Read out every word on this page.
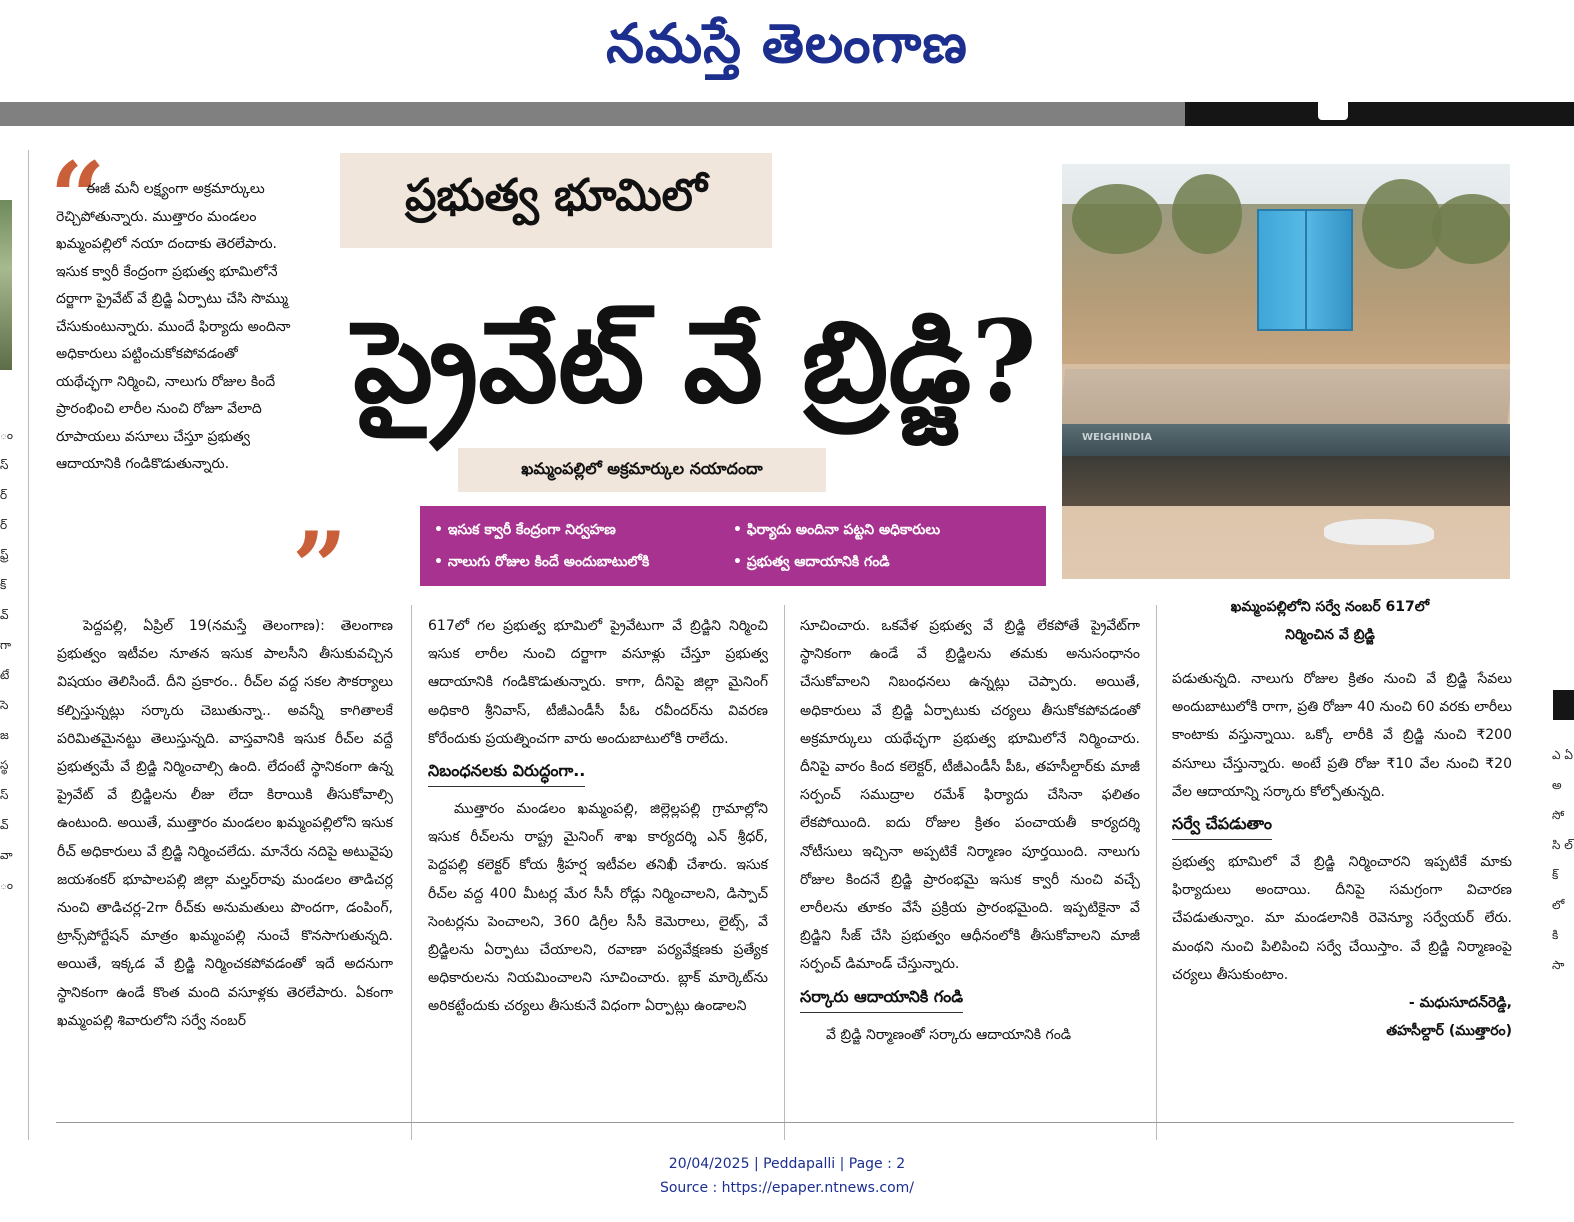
నమస్తే తెలంగాణ
ం స్ ర్ ర్ ఫ్ర్ క్ వ్ గా టే సె జ స్థ స్ వ్ వా ం
ఎ ఏ అ సో సి ల్ క్ లో కి సా
“
ఈజీ మనీ లక్ష్యంగా అక్రమార్కులు రెచ్చిపోతున్నారు. ముత్తారం మండలం ఖమ్మంపల్లిలో నయా దందాకు తెరలేపారు. ఇసుక క్వారీ కేంద్రంగా ప్రభుత్వ భూమిలోనే దర్జాగా ప్రైవేట్ వే బ్రిడ్జి ఏర్పాటు చేసి సొమ్ము చేసుకుంటున్నారు. ముందే ఫిర్యాదు అందినా అధికారులు పట్టించుకోకపోవడంతో యథేచ్ఛగా నిర్మించి, నాలుగు రోజుల కిందే ప్రారంభించి లారీల నుంచి రోజూ వేలాది రూపాయలు వసూలు చేస్తూ ప్రభుత్వ ఆదాయానికి గండికొడుతున్నారు.
”
ప్రభుత్వ భూమిలో
ప్రైవేట్ వే బ్రిడ్జి?
ఖమ్మంపల్లిలో అక్రమార్కుల నయాదందా
• ఇసుక క్వారీ కేంద్రంగా నిర్వహణ	• ఫిర్యాదు అందినా పట్టని అధికారులు
• నాలుగు రోజుల కిందే అందుబాటులోకి	• ప్రభుత్వ ఆదాయానికి గండి
WEIGHINDIA
ఖమ్మంపల్లిలోని సర్వే నంబర్ 617లో
నిర్మించిన వే బ్రిడ్జి

పెద్దపల్లి, ఏప్రిల్ 19(నమస్తే తెలంగాణ): తెలంగాణ ప్రభుత్వం ఇటీవల నూతన ఇసుక పాలసీని తీసుకువచ్చిన విషయం తెలిసిందే. దీని ప్రకారం.. రీచ్‌ల వద్ద సకల సౌకర్యాలు కల్పిస్తున్నట్లు సర్కారు చెబుతున్నా.. అవన్నీ కాగితాలకే పరిమితమైనట్టు తెలుస్తున్నది. వాస్తవానికి ఇసుక రీచ్‌ల వద్దే ప్రభుత్వమే వే బ్రిడ్జి నిర్మించాల్సి ఉంది. లేదంటే స్థానికంగా ఉన్న ప్రైవేట్ వే బ్రిడ్జిలను లీజు లేదా కిరాయికి తీసుకోవాల్సి ఉంటుంది. అయితే, ముత్తారం మండలం ఖమ్మంపల్లిలోని ఇసుక రీచ్ అధికారులు వే బ్రిడ్జి నిర్మించలేదు. మానేరు నదిపై అటువైపు జయశంకర్ భూపాలపల్లి జిల్లా మల్హర్‌రావు మండలం తాడిచర్ల నుంచి తాడిచర్ల-2గా రీచ్‌కు అనుమతులు పొందగా, డంపింగ్, ట్రాన్స్‌పోర్టేషన్ మాత్రం ఖమ్మంపల్లి నుంచే కొనసాగుతున్నది. అయితే, ఇక్కడ వే బ్రిడ్జి నిర్మించకపోవడంతో ఇదే అదనుగా స్థానికంగా ఉండే కొంత మంది వసూళ్లకు తెరలేపారు. ఏకంగా ఖమ్మంపల్లి శివారులోని సర్వే నంబర్

617లో గల ప్రభుత్వ భూమిలో ప్రైవేటుగా వే బ్రిడ్జిని నిర్మించి ఇసుక లారీల నుంచి దర్జాగా వసూళ్లు చేస్తూ ప్రభుత్వ ఆదాయానికి గండికొడుతున్నారు. కాగా, దీనిపై జిల్లా మైనింగ్ అధికారి శ్రీనివాస్, టీజీఎండీసీ పీఓ రవీందర్‌ను వివరణ కోరేందుకు ప్రయత్నించగా వారు అందుబాటులోకి రాలేదు.

నిబంధనలకు విరుద్ధంగా..

ముత్తారం మండలం ఖమ్మంపల్లి, జిల్లెల్లపల్లి గ్రామాల్లోని ఇసుక రీచ్‌లను రాష్ట్ర మైనింగ్ శాఖ కార్యదర్శి ఎన్ శ్రీధర్, పెద్దపల్లి కలెక్టర్ కోయ శ్రీహర్ష ఇటీవల తనిఖీ చేశారు. ఇసుక రీచ్‌ల వద్ద 400 మీటర్ల మేర సీసీ రోడ్లు నిర్మించాలని, డిస్పాచ్ సెంటర్లను పెంచాలని, 360 డిగ్రీల సీసీ కెమెరాలు, లైట్స్, వే బ్రిడ్జిలను ఏర్పాటు చేయాలని, రవాణా పర్యవేక్షణకు ప్రత్యేక అధికారులను నియమించాలని సూచించారు. బ్లాక్ మార్కెట్‌ను అరికట్టేందుకు చర్యలు తీసుకునే విధంగా ఏర్పాట్లు ఉండాలని

సూచించారు. ఒకవేళ ప్రభుత్వ వే బ్రిడ్జి లేకపోతే ప్రైవేట్‌గా స్థానికంగా ఉండే వే బ్రిడ్జిలను తమకు అనుసంధానం చేసుకోవాలని నిబంధనలు ఉన్నట్లు చెప్పారు. అయితే, అధికారులు వే బ్రిడ్జి ఏర్పాటుకు చర్యలు తీసుకోకపోవడంతో అక్రమార్కులు యథేచ్ఛగా ప్రభుత్వ భూమిలోనే నిర్మించారు. దీనిపై వారం కింద కలెక్టర్, టీజీఎండీసీ పీఓ, తహసీల్దార్‌కు మాజీ సర్పంచ్ సముద్రాల రమేశ్ ఫిర్యాదు చేసినా ఫలితం లేకపోయింది. ఐదు రోజుల క్రితం పంచాయతీ కార్యదర్శి నోటీసులు ఇచ్చినా అప్పటికే నిర్మాణం పూర్తయింది. నాలుగు రోజుల కిందనే బ్రిడ్జి ప్రారంభమై ఇసుక క్వారీ నుంచి వచ్చే లారీలను తూకం వేసే ప్రక్రియ ప్రారంభమైంది. ఇప్పటికైనా వే బ్రిడ్జిని సీజ్ చేసి ప్రభుత్వం ఆధీనంలోకి తీసుకోవాలని మాజీ సర్పంచ్ డిమాండ్ చేస్తున్నారు.

సర్కారు ఆదాయానికి గండి

వే బ్రిడ్జి నిర్మాణంతో సర్కారు ఆదాయానికి గండి

పడుతున్నది. నాలుగు రోజుల క్రితం నుంచి వే బ్రిడ్జి సేవలు అందుబాటులోకి రాగా, ప్రతి రోజూ 40 నుంచి 60 వరకు లారీలు కాంటాకు వస్తున్నాయి. ఒక్కో లారీకి వే బ్రిడ్జి నుంచి ₹200 వసూలు చేస్తున్నారు. అంటే ప్రతి రోజు ₹10 వేల నుంచి ₹20 వేల ఆదాయాన్ని సర్కారు కోల్పోతున్నది.

సర్వే చేపడుతాం

ప్రభుత్వ భూమిలో వే బ్రిడ్జి నిర్మించారని ఇప్పటికే మాకు ఫిర్యాదులు అందాయి. దీనిపై సమగ్రంగా విచారణ చేపడుతున్నాం. మా మండలానికి రెవెన్యూ సర్వేయర్ లేరు. మంథని నుంచి పిలిపించి సర్వే చేయిస్తాం. వే బ్రిడ్జి నిర్మాణంపై చర్యలు తీసుకుంటాం.

- మధుసూదన్‌రెడ్డి,

తహసీల్దార్ (ముత్తారం)

20/04/2025 | Peddapalli | Page : 2
Source : https://epaper.ntnews.com/
